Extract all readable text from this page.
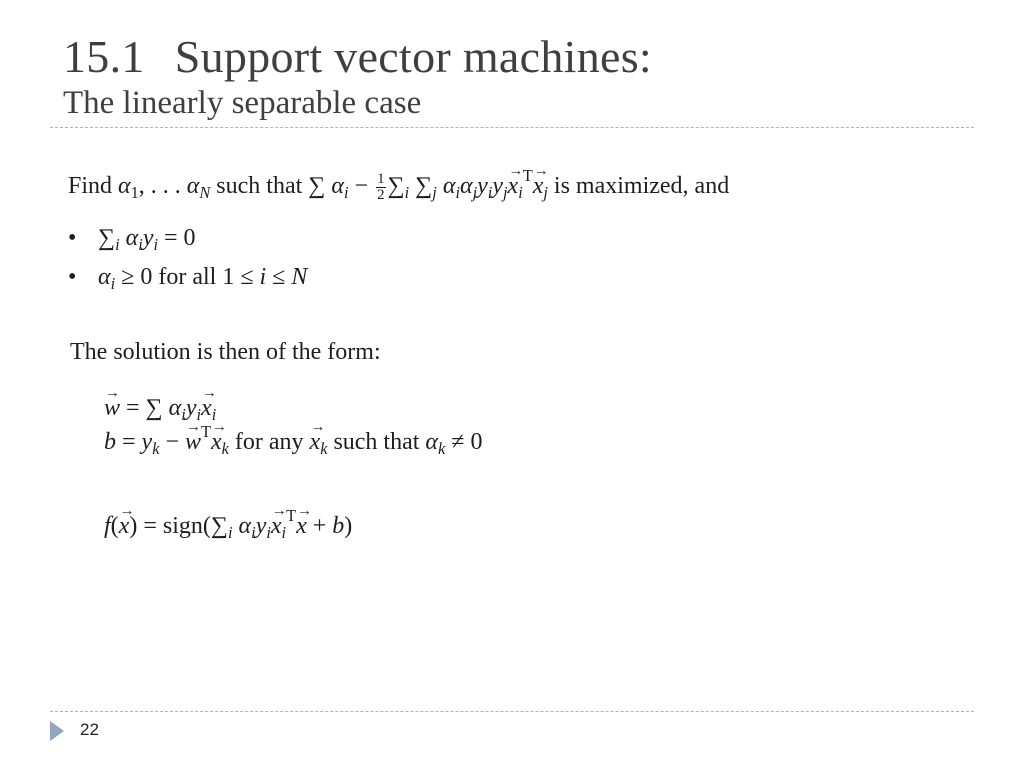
15.1 Support vector machines:
The linearly separable case
Find $\alpha_1$, . . . $\alpha_N$ such that ∑ $\alpha_i - \frac{1}{2} \sum_i$ $\sum_j$ $\alpha_i\alpha_jy_iy_j\to x_i^T\to x_j$ is maximized, and
• $\sum_i$ $\alpha_iy_i = 0$
• $\alpha_i \ge 0$ for all 1 ≤ i ≤ N
The solution is then of the form:
→ w = ∑ $\alpha_iy_i\to x_i$
$b = y_k$ − → $w^T\to x_k$ for any → $x_k$ such that $\alpha_k \ne 0$
$f(\to x) = sign(\sum_i$ $\alpha_iy_i\to x_i^T\to x + b$)
22
